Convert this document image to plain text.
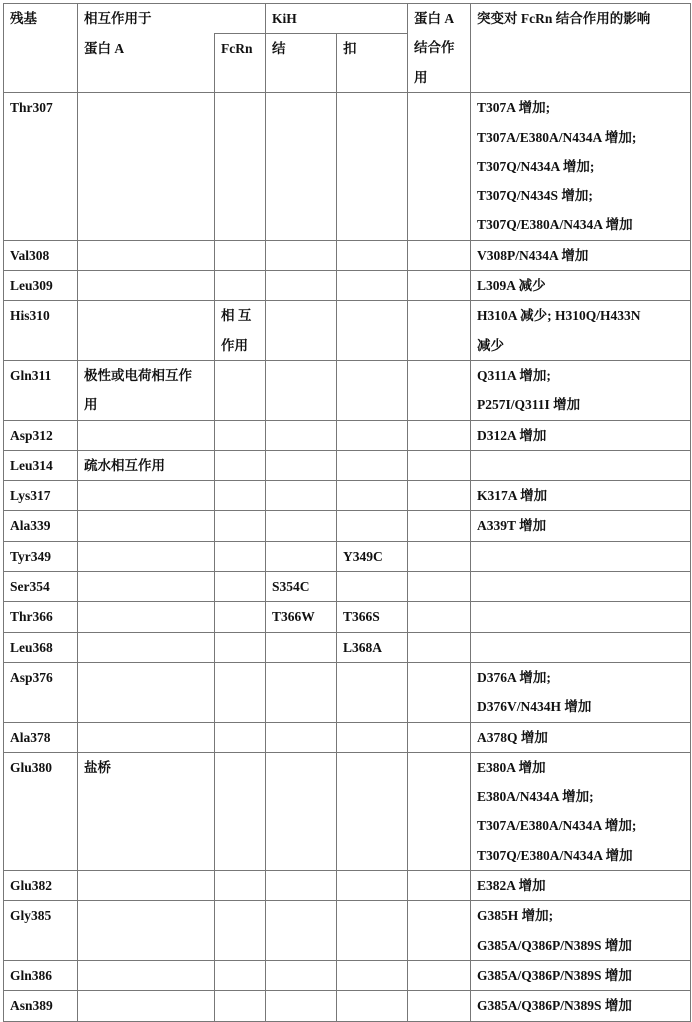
残基	相互作用于	KiH	蛋白 A
结合作
用
	突变对 FcRn 结合作用的影响
蛋白 A	FcRn	结	扣
Thr307						T307A 增加;
T307A/E380A/N434A 增加;
T307Q/N434A 增加;
T307Q/N434S 增加;
T307Q/E380A/N434A 增加

Val308						V308P/N434A 增加

Leu309						L309A 减少

His310		相 互
作用

H310A 减少; H310Q/H433N
减少

Gln311	极性或电荷相互作
用

Q311A 增加;
P257I/Q311I 增加

Asp312						D312A 增加

Leu314	疏水相互作用

Lys317						K317A 增加

Ala339						A339T 增加

Tyr349				Y349C

Ser354			S354C

Thr366			T366W	T366S

Leu368				L368A

Asp376						D376A 增加;
D376V/N434H 增加

Ala378						A378Q 增加

Glu380	盐桥					E380A 增加
E380A/N434A 增加;
T307A/E380A/N434A 增加;
T307Q/E380A/N434A 增加

Glu382						E382A 增加

Gly385						G385H 增加;
G385A/Q386P/N389S 增加

Gln386						G385A/Q386P/N389S 增加

Asn389						G385A/Q386P/N389S 增加
